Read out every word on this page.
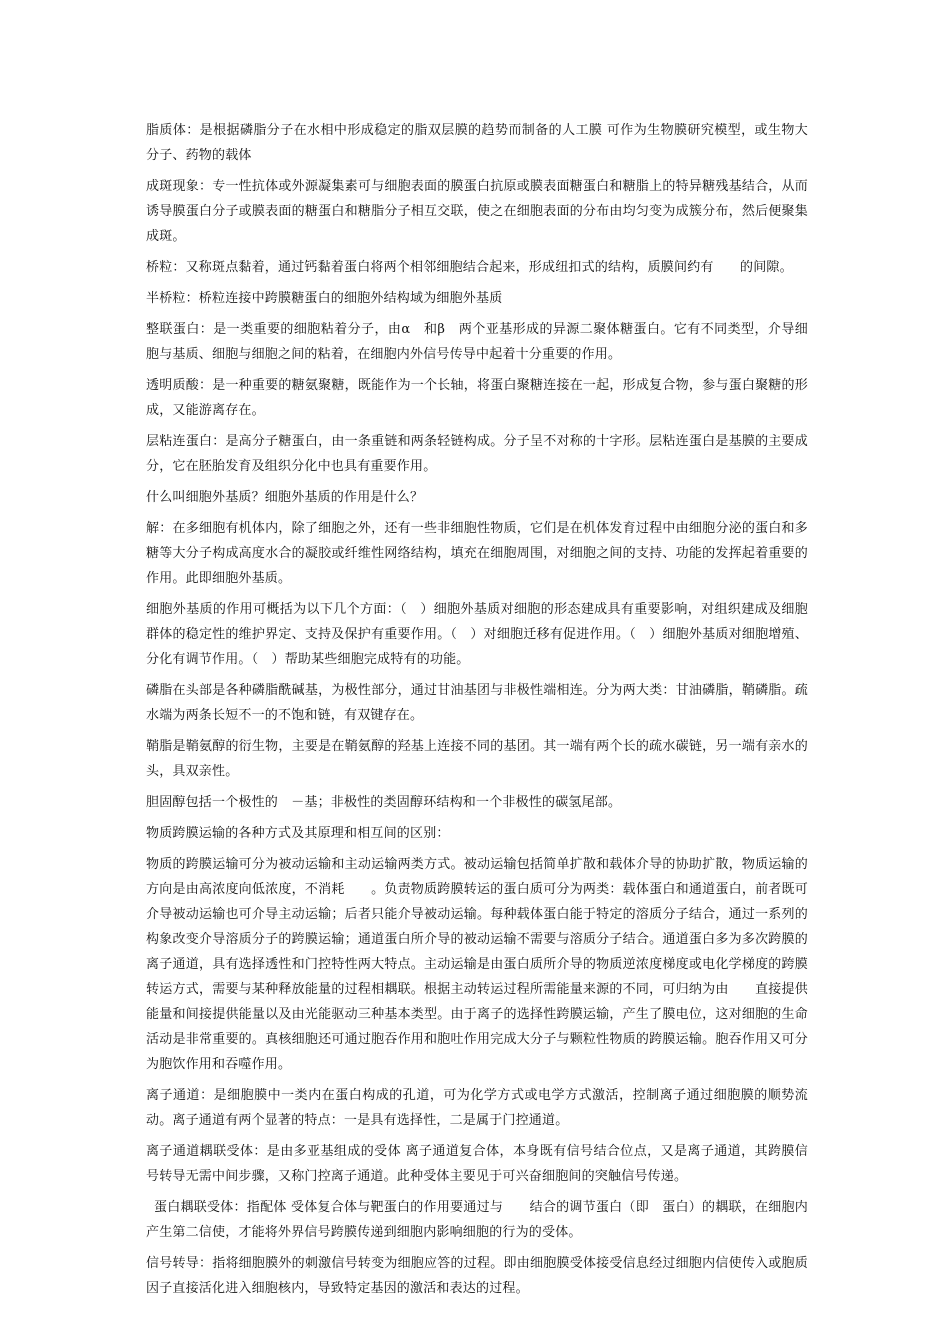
脂质体：是根据磷脂分子在水相中形成稳定的脂双层膜的趋势而制备的人工膜 可作为生物膜研究模型，或生物大分子、药物的载体

成斑现象：专一性抗体或外源凝集素可与细胞表面的膜蛋白抗原或膜表面糖蛋白和糖脂上的特异糖残基结合，从而诱导膜蛋白分子或膜表面的糖蛋白和糖脂分子相互交联，使之在细胞表面的分布由均匀变为成簇分布，然后便聚集成斑。

桥粒：又称斑点黏着，通过钙黏着蛋白将两个相邻细胞结合起来，形成纽扣式的结构，质膜间约有　　的间隙。

半桥粒：桥粒连接中跨膜糖蛋白的细胞外结构域为细胞外基质

整联蛋白：是一类重要的细胞粘着分子，由α　和β　两个亚基形成的异源二聚体糖蛋白。它有不同类型，介导细胞与基质、细胞与细胞之间的粘着，在细胞内外信号传导中起着十分重要的作用。

透明质酸：是一种重要的糖氨聚糖，既能作为一个长轴，将蛋白聚糖连接在一起，形成复合物，参与蛋白聚糖的形成，又能游离存在。

层粘连蛋白：是高分子糖蛋白，由一条重链和两条轻链构成。分子呈不对称的十字形。层粘连蛋白是基膜的主要成分，它在胚胎发育及组织分化中也具有重要作用。

什么叫细胞外基质？细胞外基质的作用是什么？

解：在多细胞有机体内，除了细胞之外，还有一些非细胞性物质，它们是在机体发育过程中由细胞分泌的蛋白和多糖等大分子构成高度水合的凝胶或纤维性网络结构，填充在细胞周围，对细胞之间的支持、功能的发挥起着重要的作用。此即细胞外基质。

细胞外基质的作用可概括为以下几个方面：（　）细胞外基质对细胞的形态建成具有重要影响，对组织建成及细胞群体的稳定性的维护界定、支持及保护有重要作用。（　）对细胞迁移有促进作用。（　）细胞外基质对细胞增殖、分化有调节作用。（　）帮助某些细胞完成特有的功能。

磷脂在头部是各种磷脂酰碱基，为极性部分，通过甘油基团与非极性端相连。分为两大类：甘油磷脂，鞘磷脂。疏水端为两条长短不一的不饱和链，有双键存在。

鞘脂是鞘氨醇的衍生物，主要是在鞘氨醇的羟基上连接不同的基团。其一端有两个长的疏水碳链，另一端有亲水的头，具双亲性。

胆固醇包括一个极性的　－基；非极性的类固醇环结构和一个非极性的碳氢尾部。

物质跨膜运输的各种方式及其原理和相互间的区别：

物质的跨膜运输可分为被动运输和主动运输两类方式。被动运输包括简单扩散和载体介导的协助扩散，物质运输的方向是由高浓度向低浓度，不消耗　　。负责物质跨膜转运的蛋白质可分为两类：载体蛋白和通道蛋白，前者既可介导被动运输也可介导主动运输；后者只能介导被动运输。每种载体蛋白能于特定的溶质分子结合，通过一系列的构象改变介导溶质分子的跨膜运输；通道蛋白所介导的被动运输不需要与溶质分子结合。通道蛋白多为多次跨膜的离子通道，具有选择透性和门控特性两大特点。主动运输是由蛋白质所介导的物质逆浓度梯度或电化学梯度的跨膜转运方式，需要与某种释放能量的过程相耦联。根据主动转运过程所需能量来源的不同，可归纳为由　　直接提供能量和间接提供能量以及由光能驱动三种基本类型。由于离子的选择性跨膜运输，产生了膜电位，这对细胞的生命活动是非常重要的。真核细胞还可通过胞吞作用和胞吐作用完成大分子与颗粒性物质的跨膜运输。胞吞作用又可分为胞饮作用和吞噬作用。

离子通道：是细胞膜中一类内在蛋白构成的孔道，可为化学方式或电学方式激活，控制离子通过细胞膜的顺势流动。离子通道有两个显著的特点：一是具有选择性，二是属于门控通道。

离子通道耦联受体：是由多亚基组成的受体 离子通道复合体，本身既有信号结合位点，又是离子通道，其跨膜信号转导无需中间步骤，又称门控离子通道。此种受体主要见于可兴奋细胞间的突触信号传递。

蛋白耦联受体：指配体 受体复合体与靶蛋白的作用要通过与　　结合的调节蛋白（即　蛋白）的耦联，在细胞内产生第二信使，才能将外界信号跨膜传递到细胞内影响细胞的行为的受体。

信号转导：指将细胞膜外的刺激信号转变为细胞应答的过程。即由细胞膜受体接受信息经过细胞内信使传入或胞质因子直接活化进入细胞核内，导致特定基因的激活和表达的过程。
